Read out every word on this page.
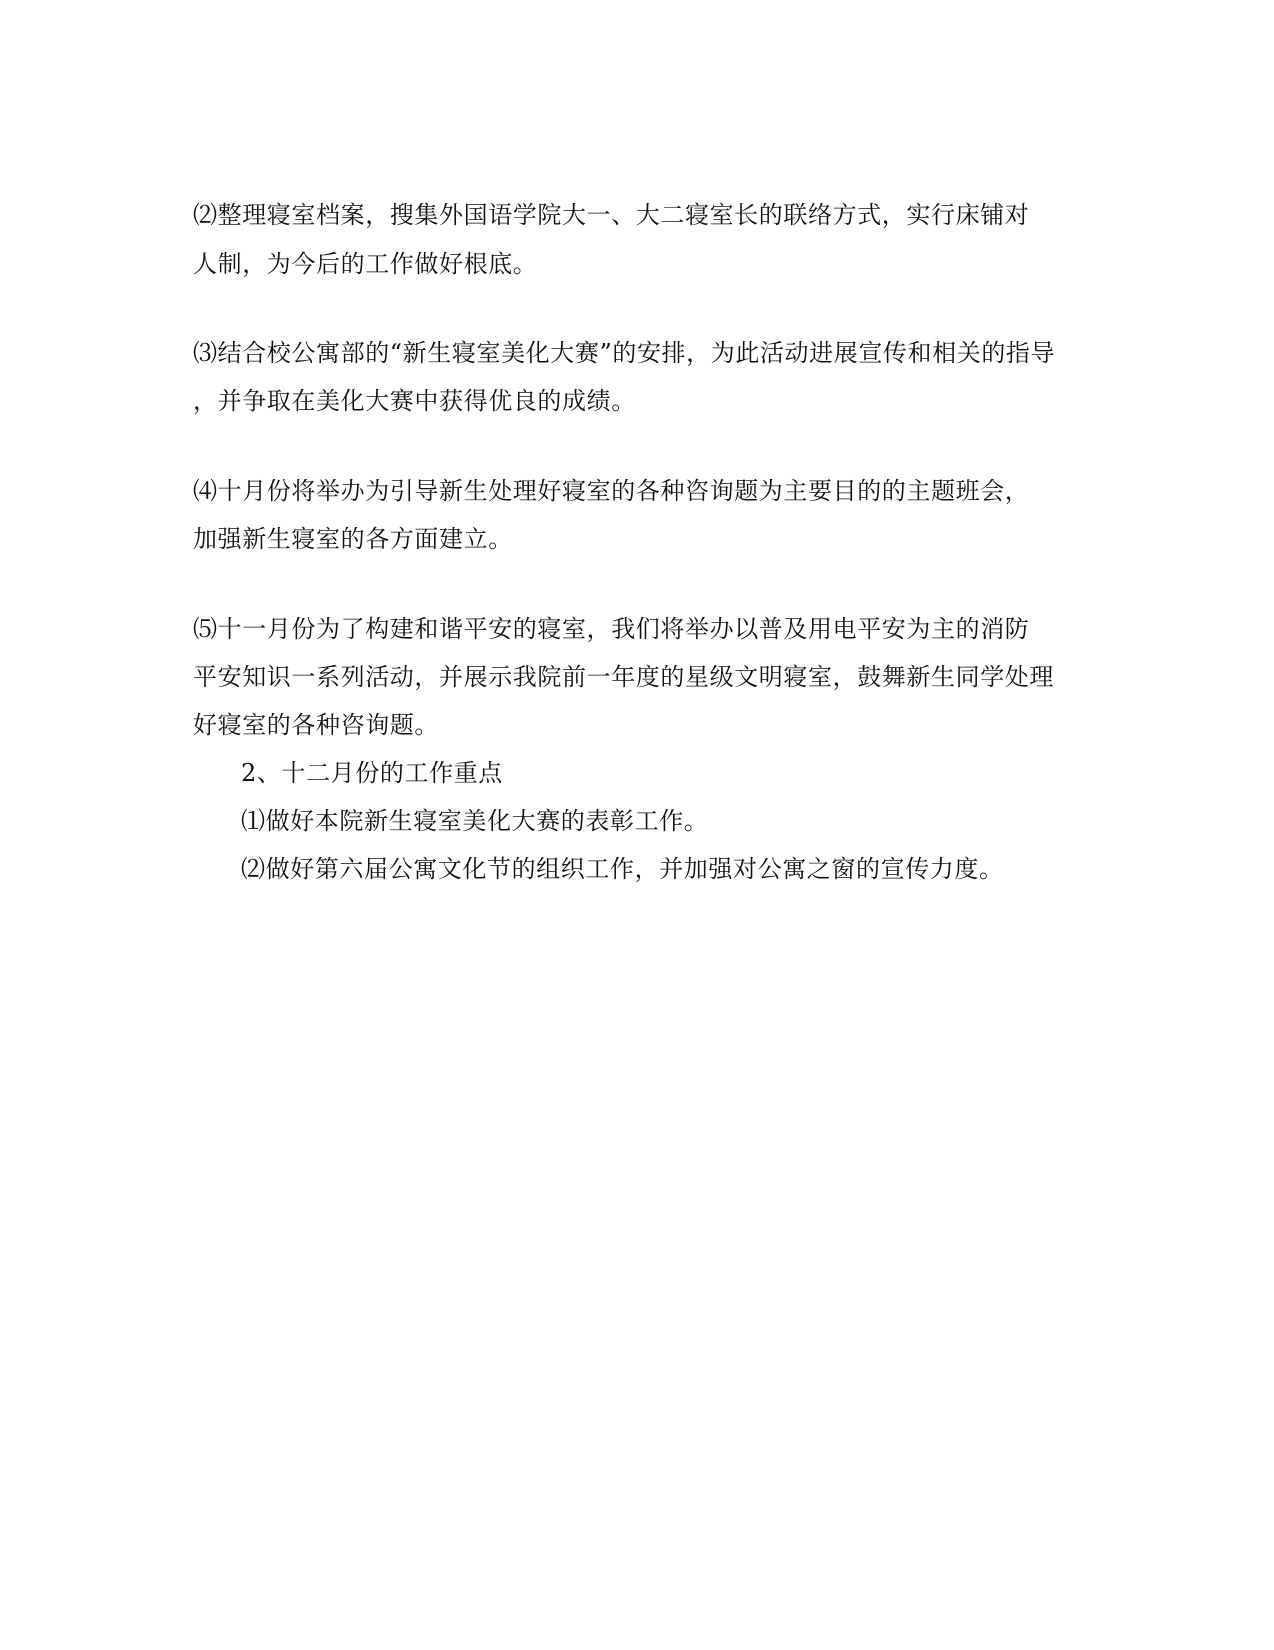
⑵整理寝室档案，搜集外国语学院大一、大二寝室长的联络方式，实行床铺对
人制，为今后的工作做好根底。
⑶结合校公寓部的“新生寝室美化大赛”的安排，为此活动进展宣传和相关的指导
，并争取在美化大赛中获得优良的成绩。
⑷十月份将举办为引导新生处理好寝室的各种咨询题为主要目的的主题班会，
加强新生寝室的各方面建立。
⑸十一月份为了构建和谐平安的寝室，我们将举办以普及用电平安为主的消防
平安知识一系列活动，并展示我院前一年度的星级文明寝室，鼓舞新生同学处理
好寝室的各种咨询题。
2、十二月份的工作重点
⑴做好本院新生寝室美化大赛的表彰工作。
⑵做好第六届公寓文化节的组织工作，并加强对公寓之窗的宣传力度。
